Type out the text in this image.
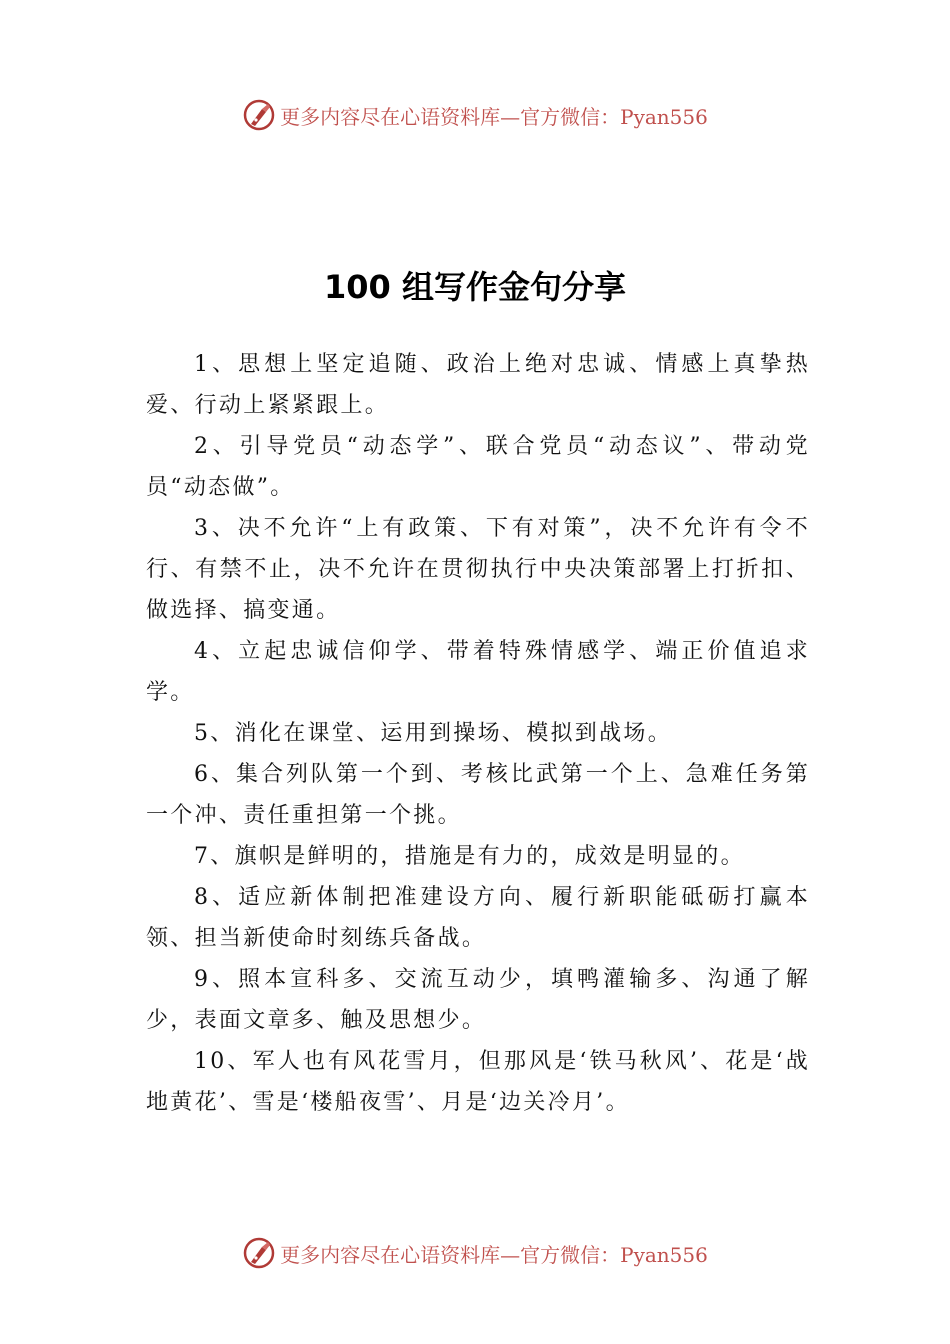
更多内容尽在心语资料库—官方微信：Pyan556
100 组写作金句分享

1、思想上坚定追随、政治上绝对忠诚、情感上真挚热爱、行动上紧紧跟上。

2、引导党员“动态学”、联合党员“动态议”、带动党员“动态做”。

3、决不允许“上有政策、下有对策”，决不允许有令不行、有禁不止，决不允许在贯彻执行中央决策部署上打折扣、做选择、搞变通。

4、立起忠诚信仰学、带着特殊情感学、端正价值追求学。

5、消化在课堂、运用到操场、模拟到战场。

6、集合列队第一个到、考核比武第一个上、急难任务第一个冲、责任重担第一个挑。

7、旗帜是鲜明的，措施是有力的，成效是明显的。

8、适应新体制把准建设方向、履行新职能砥砺打赢本领、担当新使命时刻练兵备战。

9、照本宣科多、交流互动少，填鸭灌输多、沟通了解少，表面文章多、触及思想少。

10、军人也有风花雪月，但那风是‘铁马秋风’、花是‘战地黄花’、雪是‘楼船夜雪’、月是‘边关冷月’。

更多内容尽在心语资料库—官方微信：Pyan556
